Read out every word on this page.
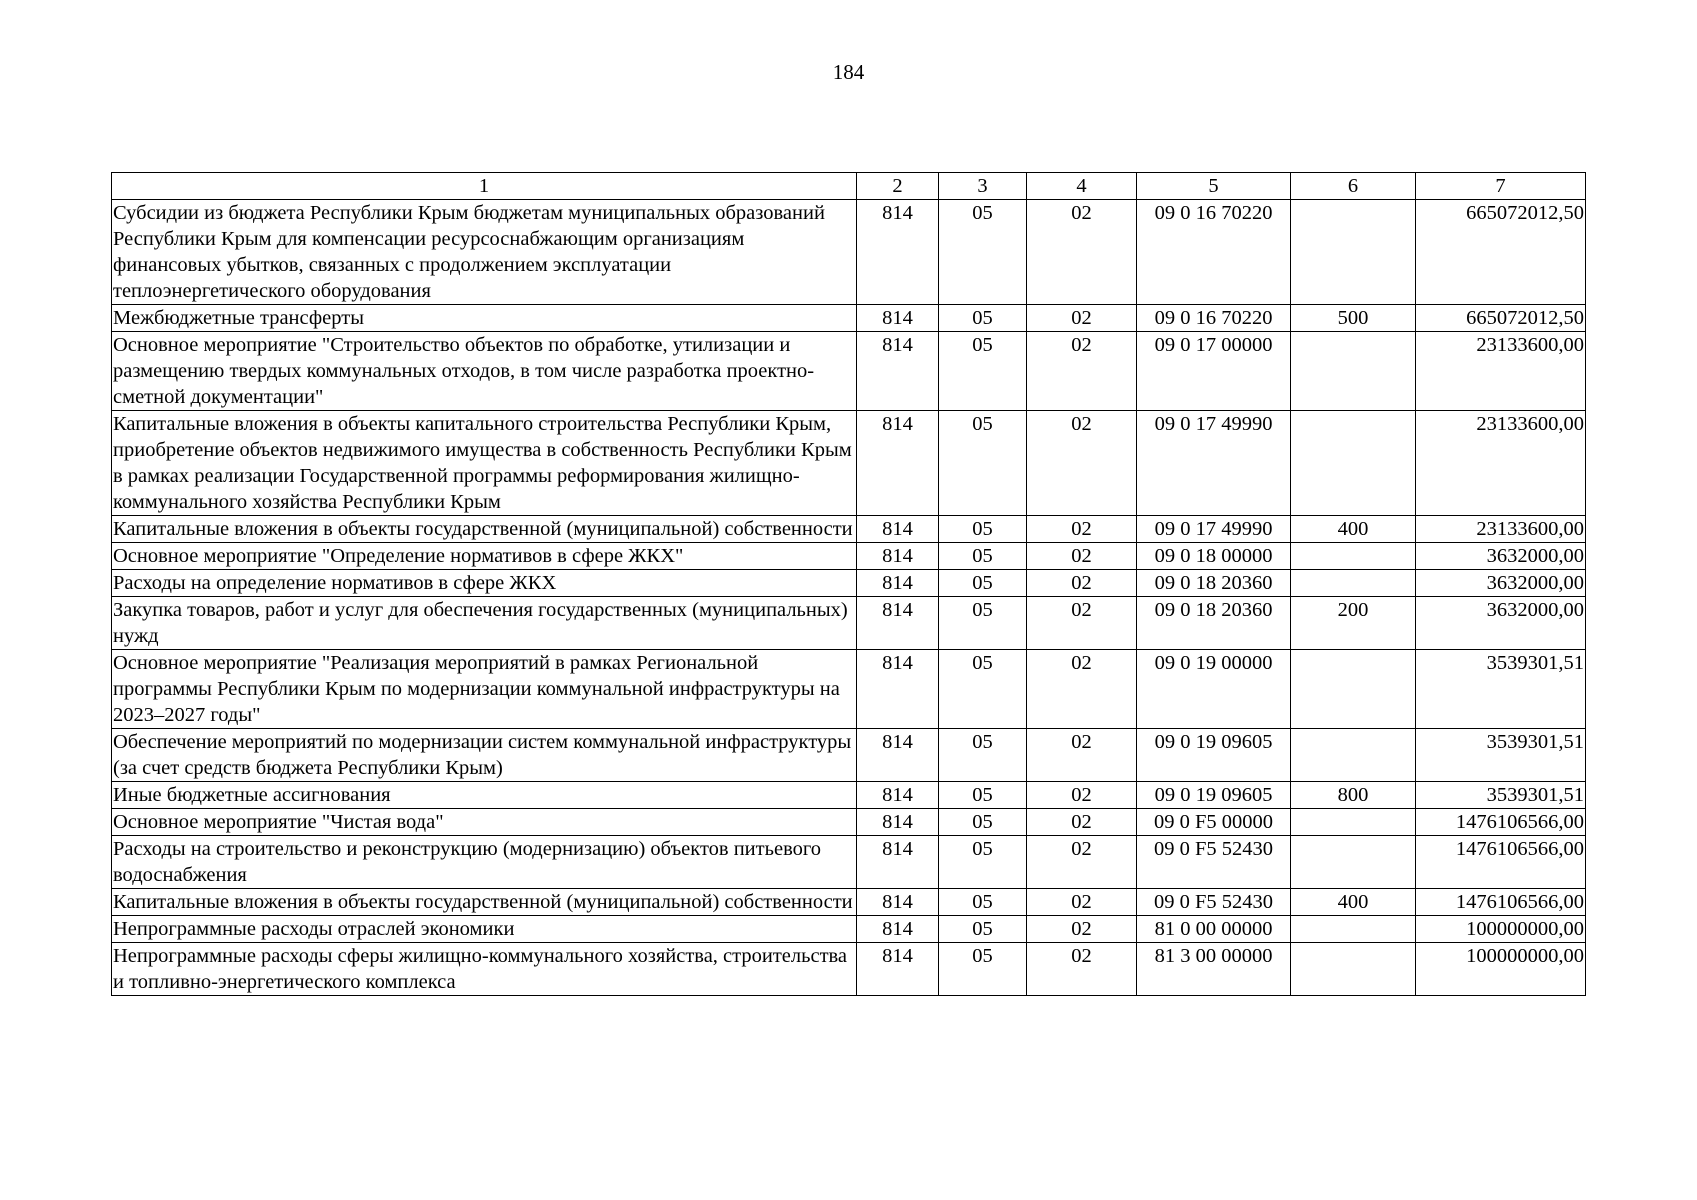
184
1	2	3	4	5	6	7
Субсидии из бюджета Республики Крым бюджетам муниципальных образований Республики Крым для компенсации ресурсоснабжающим организациям финансовых убытков, связанных с продолжением эксплуатации теплоэнергетического оборудования	814	05	02	09 0 16 70220		665072012,50
Межбюджетные трансферты	814	05	02	09 0 16 70220	500	665072012,50
Основное мероприятие "Строительство объектов по обработке, утилизации и размещению твердых коммунальных отходов, в том числе разработка проектно-сметной документации"	814	05	02	09 0 17 00000		23133600,00
Капитальные вложения в объекты капитального строительства Республики Крым, приобретение объектов недвижимого имущества в собственность Республики Крым в рамках реализации Государственной программы реформирования жилищно-коммунального хозяйства Республики Крым	814	05	02	09 0 17 49990		23133600,00
Капитальные вложения в объекты государственной (муниципальной) собственности	814	05	02	09 0 17 49990	400	23133600,00
Основное мероприятие "Определение нормативов в сфере ЖКХ"	814	05	02	09 0 18 00000		3632000,00
Расходы на определение нормативов в сфере ЖКХ	814	05	02	09 0 18 20360		3632000,00
Закупка товаров, работ и услуг для обеспечения государственных (муниципальных) нужд	814	05	02	09 0 18 20360	200	3632000,00
Основное мероприятие "Реализация мероприятий в рамках Региональной программы Республики Крым по модернизации коммунальной инфраструктуры на 2023–2027 годы"	814	05	02	09 0 19 00000		3539301,51
Обеспечение мероприятий по модернизации систем коммунальной инфраструктуры (за счет средств бюджета Республики Крым)	814	05	02	09 0 19 09605		3539301,51
Иные бюджетные ассигнования	814	05	02	09 0 19 09605	800	3539301,51
Основное мероприятие "Чистая вода"	814	05	02	09 0 F5 00000		1476106566,00
Расходы на строительство и реконструкцию (модернизацию) объектов питьевого водоснабжения	814	05	02	09 0 F5 52430		1476106566,00
Капитальные вложения в объекты государственной (муниципальной) собственности	814	05	02	09 0 F5 52430	400	1476106566,00
Непрограммные расходы отраслей экономики	814	05	02	81 0 00 00000		100000000,00
Непрограммные расходы сферы жилищно-коммунального хозяйства, строительства и топливно-энергетического комплекса	814	05	02	81 3 00 00000		100000000,00
